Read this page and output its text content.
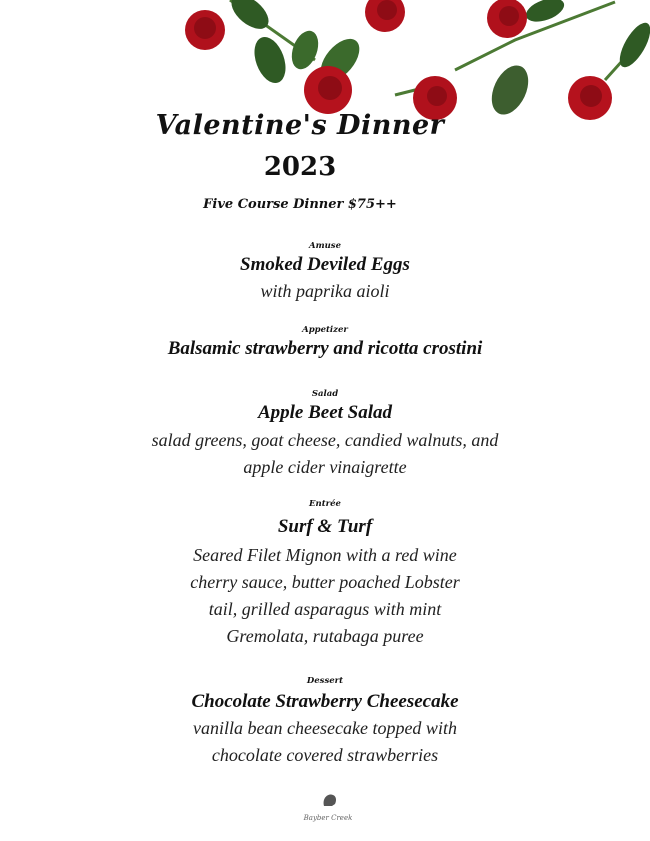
Valentine's Dinner
2023
Five Course Dinner $75++
Amuse
Smoked Deviled Eggs
with paprika aioli
Appetizer
Balsamic strawberry and ricotta crostini
Salad
Apple Beet Salad
salad greens, goat cheese, candied walnuts, and
apple cider vinaigrette
Entrée
Surf & Turf
Seared Filet Mignon with a red wine
cherry sauce, butter poached Lobster
tail, grilled asparagus with mint
Gremolata, rutabaga puree
Dessert
Chocolate Strawberry Cheesecake
vanilla bean cheesecake topped with
chocolate covered strawberries
Bayber Creek
